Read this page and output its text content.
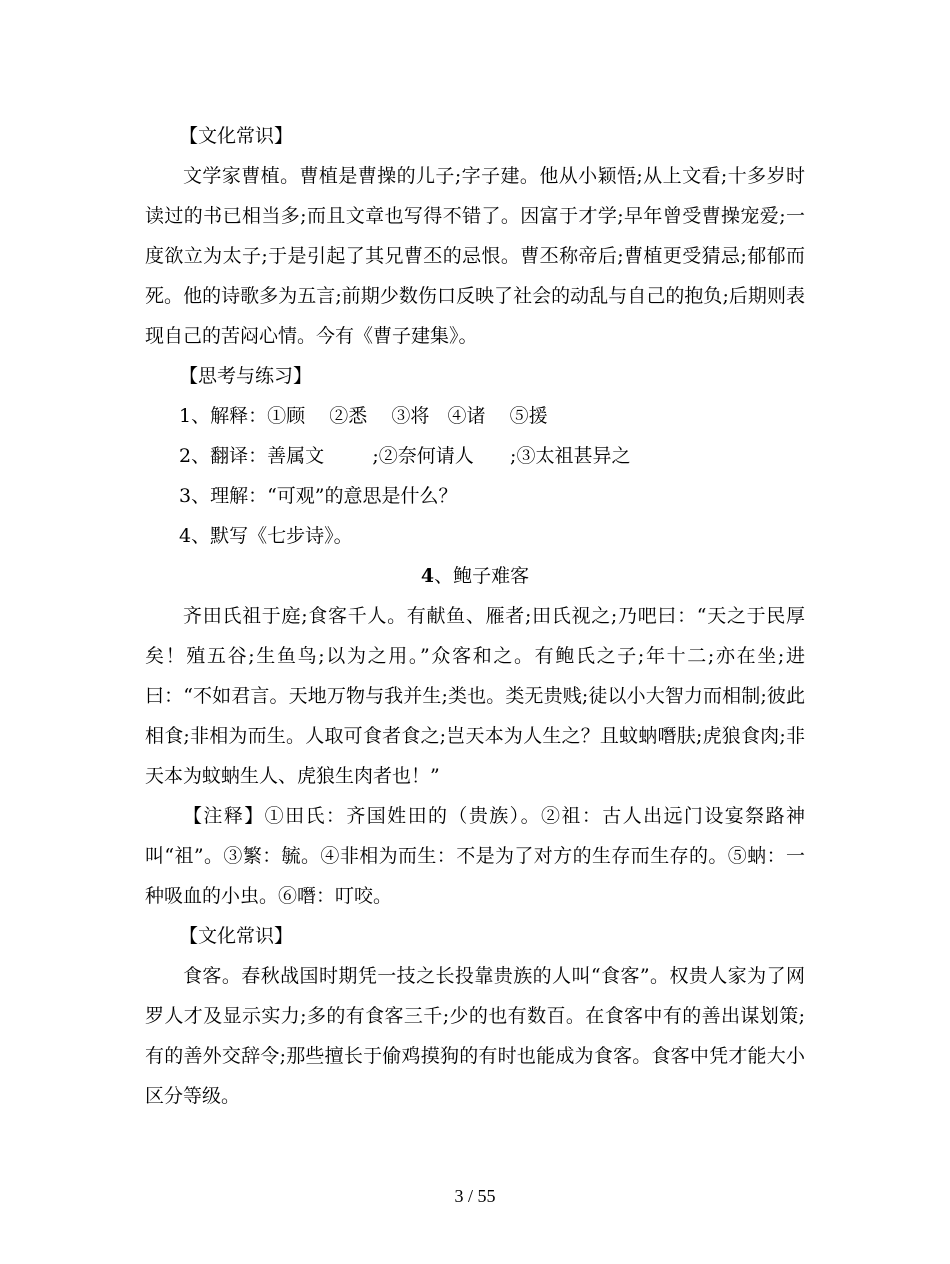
【文化常识】
文学家曹植。曹植是曹操的儿子;字子建。他从小颖悟;从上文看;十多岁时读过的书已相当多;而且文章也写得不错了。因富于才学;早年曾受曹操宠爱;一度欲立为太子;于是引起了其兄曹丕的忌恨。曹丕称帝后;曹植更受猜忌;郁郁而死。他的诗歌多为五言;前期少数伤口反映了社会的动乱与自己的抱负;后期则表现自己的苦闷心情。今有《曹子建集》。
【思考与练习】
1、解释：①顾    ②悉    ③将   ④诸    ⑤援
2、翻译：善属文        ;②奈何请人      ;③太祖甚异之
3、理解：“可观”的意思是什么？
4、默写《七步诗》。
4、鲍子难客
齐田氏祖于庭;食客千人。有献鱼、雁者;田氏视之;乃吧曰：“天之于民厚矣！殖五谷;生鱼鸟;以为之用。”众客和之。有鲍氏之子;年十二;亦在坐;进曰：“不如君言。天地万物与我并生;类也。类无贵贱;徒以小大智力而相制;彼此相食;非相为而生。人取可食者食之;岂天本为人生之？且蚊蚋噆肤;虎狼食肉;非天本为蚊蚋生人、虎狼生肉者也！”
【注释】①田氏：齐国姓田的（贵族）。②祖：古人出远门设宴祭路神叫“祖”。③繁：毓。④非相为而生：不是为了对方的生存而生存的。⑤蚋：一种吸血的小虫。⑥噆：叮咬。
【文化常识】
食客。春秋战国时期凭一技之长投靠贵族的人叫“食客”。权贵人家为了网罗人才及显示实力;多的有食客三千;少的也有数百。在食客中有的善出谋划策;有的善外交辞令;那些擅长于偷鸡摸狗的有时也能成为食客。食客中凭才能大小区分等级。
3 / 55
